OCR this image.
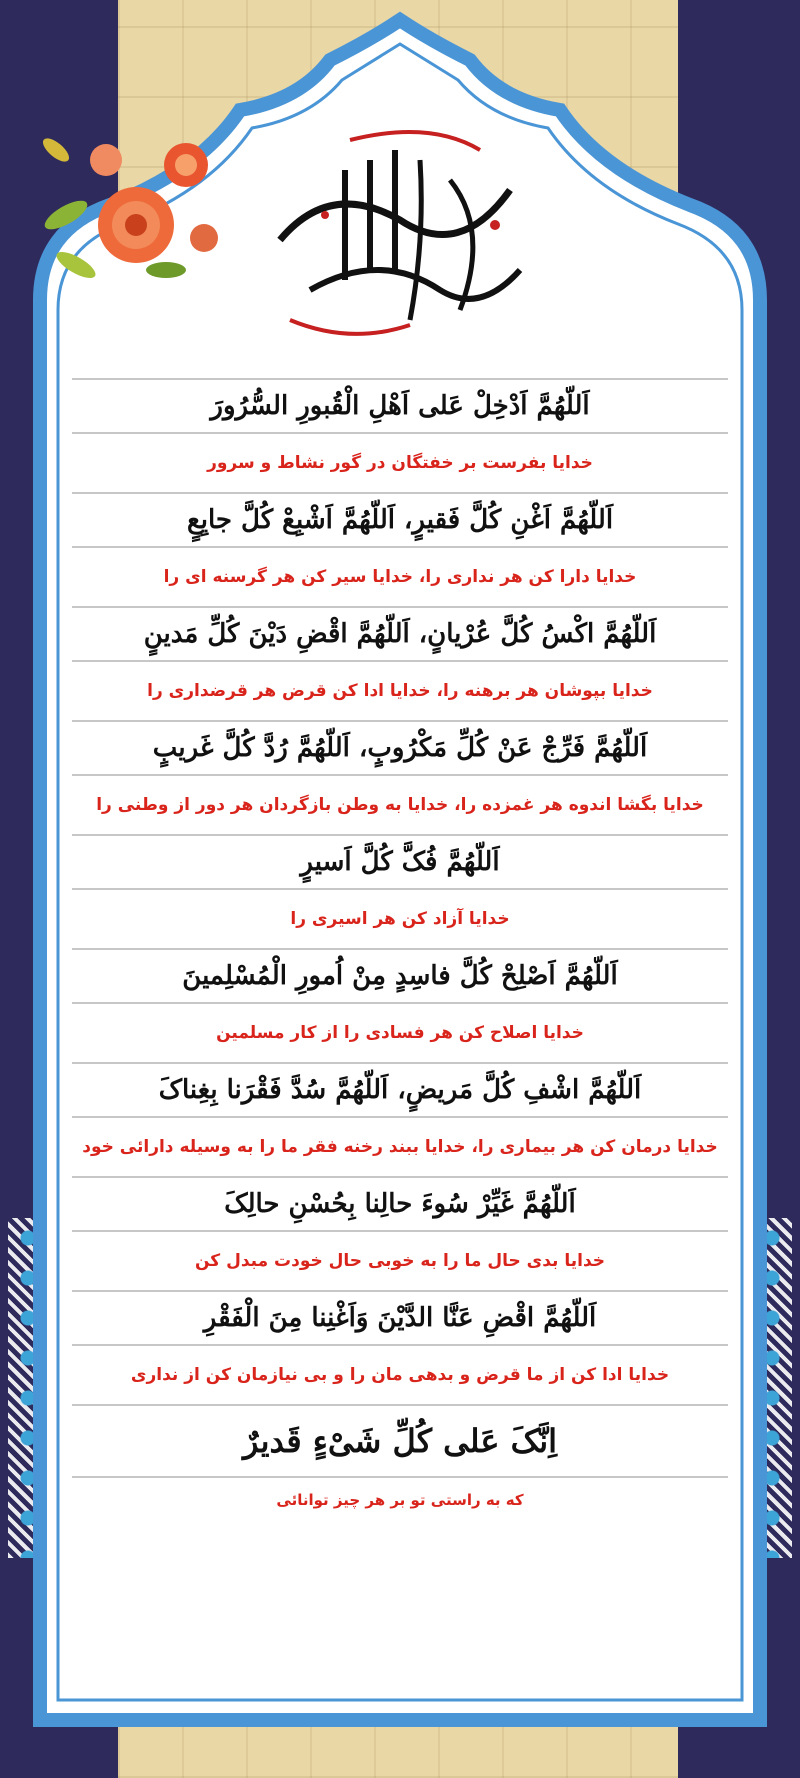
اَللّهُمَّ اَدْخِلْ عَلی اَهْلِ الْقُبورِ السُّرُورَ
خدایا بفرست بر خفتگان در گور نشاط و سرور
اَللّهُمَّ اَغْنِ کُلَّ فَقیرٍ، اَللّهُمَّ اَشْبِعْ کُلَّ جایِعٍ
خدایا دارا کن هر نداری را، خدایا سیر کن هر گرسنه ای را
اَللّهُمَّ اکْسُ کُلَّ عُرْیانٍ، اَللّهُمَّ اقْضِ دَیْنَ کُلِّ مَدینٍ
خدایا بپوشان هر برهنه را، خدایا ادا کن قرض هر قرضداری را
اَللّهُمَّ فَرِّجْ عَنْ کُلِّ مَکْرُوبٍ، اَللّهُمَّ رُدَّ کُلَّ غَریبٍ
خدایا بگشا اندوه هر غمزده را، خدایا به وطن بازگردان هر دور از وطنی را
اَللّهُمَّ فُکَّ کُلَّ اَسیرٍ
خدایا آزاد کن هر اسیری را
اَللّهُمَّ اَصْلِحْ کُلَّ فاسِدٍ مِنْ اُمورِ الْمُسْلِمینَ
خدایا اصلاح کن هر فسادی را از کار مسلمین
اَللّهُمَّ اشْفِ کُلَّ مَریضٍ، اَللّهُمَّ سُدَّ فَقْرَنا بِغِناکَ
خدایا درمان کن هر بیماری را، خدایا ببند رخنه فقر ما را به وسیله دارائی خود
اَللّهُمَّ غَیِّرْ سُوءَ حالِنا بِحُسْنِ حالِکَ
خدایا بدی حال ما را به خوبی حال خودت مبدل کن
اَللّهُمَّ اقْضِ عَنَّا الدَّیْنَ وَاَغْنِنا مِنَ الْفَقْرِ
خدایا ادا کن از ما قرض و بدهی مان را و بی نیازمان کن از نداری
اِنَّکَ عَلی کُلِّ شَیْءٍ قَدیرٌ
که به راستی تو بر هر چیز توانائی
